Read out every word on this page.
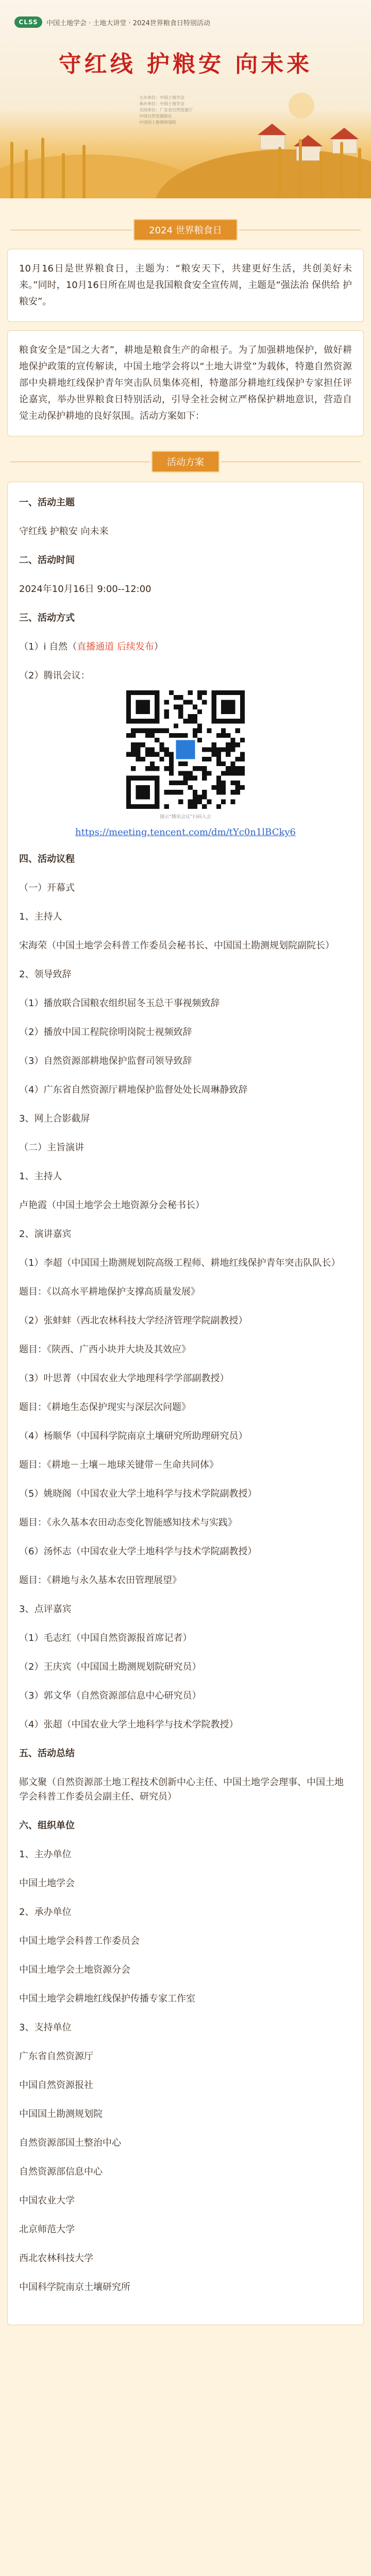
CLSS	中国土地学会 · 土地大讲堂 · 2024世界粮食日特别活动
守红线 护粮安 向未来
主办单位：中国土地学会
承办单位：中国土地学会
支持单位：广东省自然资源厅
中国自然资源报社
中国国土勘测规划院
2024 世界粮食日

10月16日是世界粮食日，主题为：“粮安天下，共建更好生活，共创美好未来。”同时，10月16日所在周也是我国粮食安全宣传周，主题是“强法治 保供给 护粮安”。

粮食安全是“国之大者”，耕地是粮食生产的命根子。为了加强耕地保护，做好耕地保护政策的宣传解读，中国土地学会将以“土地大讲堂”为载体，特邀自然资源部中央耕地红线保护青年突击队员集体亮相，特邀部分耕地红线保护专家担任评论嘉宾，举办世界粮食日特别活动，引导全社会树立严格保护耕地意识，营造自觉主动保护耕地的良好氛围。活动方案如下：

活动方案

一、活动主题

守红线 护粮安 向未来

二、活动时间

2024年10月16日 9:00--12:00

三、活动方式

（1）i 自然（直播通道 后续发布）

（2）腾讯会议：

图示“腾讯会议”扫码入会
https://meeting.tencent.com/dm/tYc0n1lBCky6

四、活动议程

（一）开幕式

1、主持人

宋海荣（中国土地学会科普工作委员会秘书长、中国国土勘测规划院副院长）

2、领导致辞

（1）播放联合国粮农组织屈冬玉总干事视频致辞

（2）播放中国工程院徐明岗院士视频致辞

（3）自然资源部耕地保护监督司领导致辞

（4）广东省自然资源厅耕地保护监督处处长周琳静致辞

3、网上合影截屏

（二）主旨演讲

1、主持人

卢艳霞（中国土地学会土地资源分会秘书长）

2、演讲嘉宾

（1）李超（中国国土勘测规划院高级工程师、耕地红线保护青年突击队队长）

题目：《以高水平耕地保护支撑高质量发展》

（2）张蚌蚌（西北农林科技大学经济管理学院副教授）

题目：《陕西、广西小块并大块及其效应》

（3）叶思菁（中国农业大学地理科学学部副教授）

题目：《耕地生态保护现实与深层次问题》

（4）杨顺华（中国科学院南京土壤研究所助理研究员）

题目：《耕地－土壤－地球关键带－生命共同体》

（5）姚晓阁（中国农业大学土地科学与技术学院副教授）

题目：《永久基本农田动态变化智能感知技术与实践》

（6）汤怀志（中国农业大学土地科学与技术学院副教授）

题目：《耕地与永久基本农田管理展望》

3、点评嘉宾

（1）毛志红（中国自然资源报首席记者）

（2）王庆宾（中国国土勘测规划院研究员）

（3）郭文华（自然资源部信息中心研究员）

（4）张超（中国农业大学土地科学与技术学院教授）

五、活动总结

郧文聚（自然资源部土地工程技术创新中心主任、中国土地学会理事、中国土地学会科普工作委员会副主任、研究员）

六、组织单位

1、主办单位

中国土地学会

2、承办单位

中国土地学会科普工作委员会

中国土地学会土地资源分会

中国土地学会耕地红线保护传播专家工作室

3、支持单位

广东省自然资源厅

中国自然资源报社

中国国土勘测规划院

自然资源部国土整治中心

自然资源部信息中心

中国农业大学

北京师范大学

西北农林科技大学

中国科学院南京土壤研究所
